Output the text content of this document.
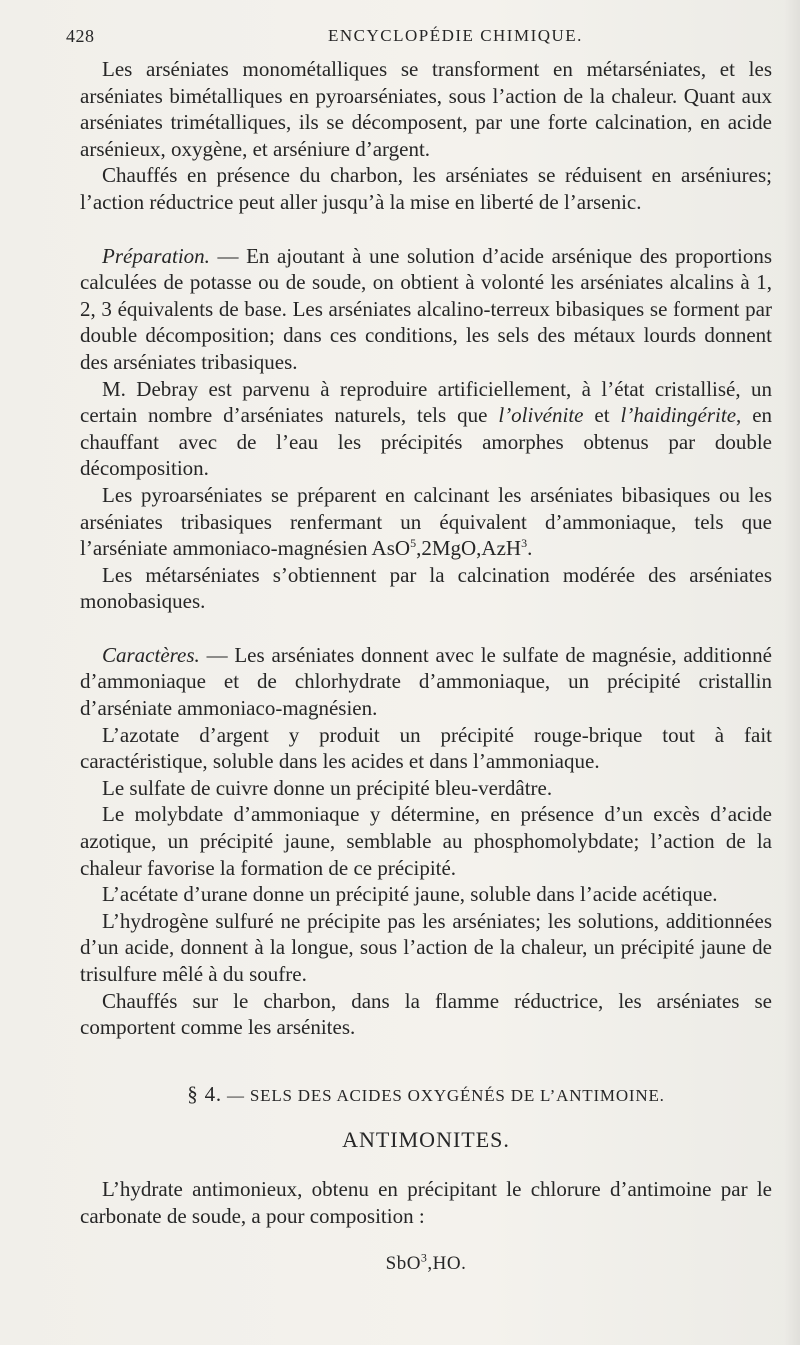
428	ENCYCLOPÉDIE CHIMIQUE.

Les arséniates monométalliques se transforment en métarséniates, et les arséniates bimétalliques en pyroarséniates, sous l’action de la chaleur. Quant aux arséniates trimétalliques, ils se décomposent, par une forte calcination, en acide arsénieux, oxygène, et arséniure d’argent.

Chauffés en présence du charbon, les arséniates se réduisent en arséniures; l’action réductrice peut aller jusqu’à la mise en liberté de l’arsenic.

Préparation. — En ajoutant à une solution d’acide arsénique des proportions calculées de potasse ou de soude, on obtient à volonté les arséniates alcalins à 1, 2, 3 équivalents de base. Les arséniates alcalino-terreux bibasiques se forment par double décomposition; dans ces conditions, les sels des métaux lourds donnent des arséniates tribasiques.

M. Debray est parvenu à reproduire artificiellement, à l’état cristallisé, un certain nombre d’arséniates naturels, tels que l’olivénite et l’haidingérite, en chauffant avec de l’eau les précipités amorphes obtenus par double décomposition.

Les pyroarséniates se préparent en calcinant les arséniates bibasiques ou les arséniates tribasiques renfermant un équivalent d’ammoniaque, tels que l’arséniate ammoniaco-magnésien AsO$^5$,2MgO,AzH$^3$.

Les métarséniates s’obtiennent par la calcination modérée des arséniates monobasiques.

Caractères. — Les arséniates donnent avec le sulfate de magnésie, additionné d’ammoniaque et de chlorhydrate d’ammoniaque, un précipité cristallin d’arséniate ammoniaco-magnésien.

L’azotate d’argent y produit un précipité rouge-brique tout à fait caractéristique, soluble dans les acides et dans l’ammoniaque.

Le sulfate de cuivre donne un précipité bleu-verdâtre.

Le molybdate d’ammoniaque y détermine, en présence d’un excès d’acide azotique, un précipité jaune, semblable au phosphomolybdate; l’action de la chaleur favorise la formation de ce précipité.

L’acétate d’urane donne un précipité jaune, soluble dans l’acide acétique.

L’hydrogène sulfuré ne précipite pas les arséniates; les solutions, additionnées d’un acide, donnent à la longue, sous l’action de la chaleur, un précipité jaune de trisulfure mêlé à du soufre.

Chauffés sur le charbon, dans la flamme réductrice, les arséniates se comportent comme les arsénites.

§ 4. — SELS DES ACIDES OXYGÉNÉS DE L’ANTIMOINE.
ANTIMONITES.

L’hydrate antimonieux, obtenu en précipitant le chlorure d’antimoine par le carbonate de soude, a pour composition :

SbO$^3$,HO.
